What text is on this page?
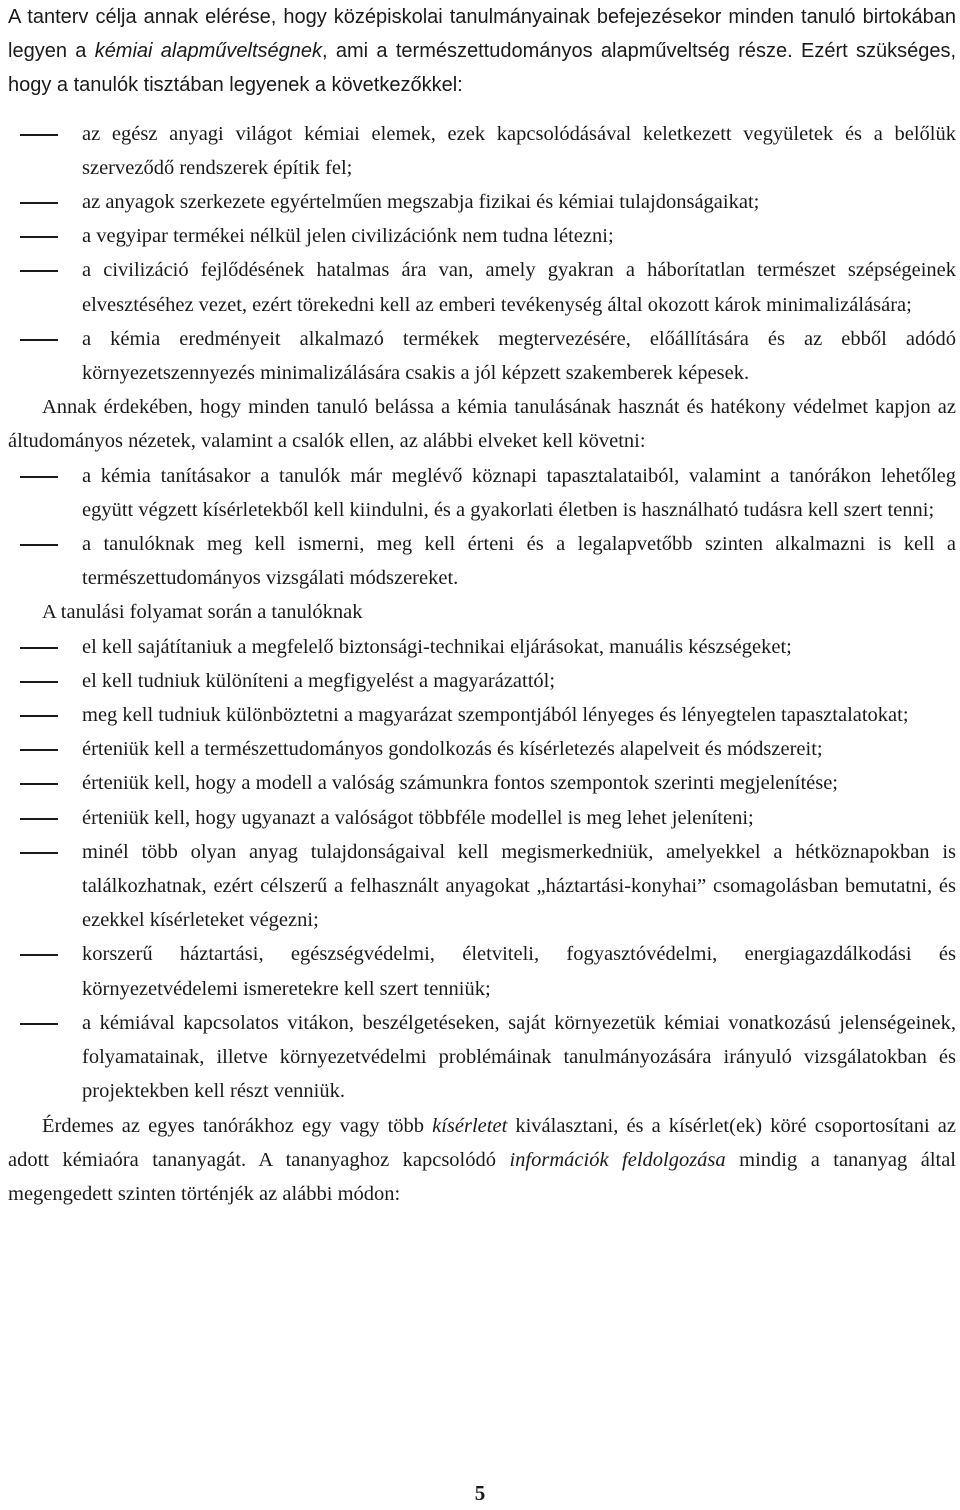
A tanterv célja annak elérése, hogy középiskolai tanulmányainak befejezésekor minden tanuló birtokában legyen a kémiai alapműveltségnek, ami a természettudományos alapműveltség része. Ezért szükséges, hogy a tanulók tisztában legyenek a következőkkel:

az egész anyagi világot kémiai elemek, ezek kapcsolódásával keletkezett vegyületek és a belőlük szerveződő rendszerek építik fel;
az anyagok szerkezete egyértelműen megszabja fizikai és kémiai tulajdonságaikat;
a vegyipar termékei nélkül jelen civilizációnk nem tudna létezni;
a civilizáció fejlődésének hatalmas ára van, amely gyakran a háborítatlan természet szépségeinek elvesztéséhez vezet, ezért törekedni kell az emberi tevékenység által okozott károk minimalizálására;
a kémia eredményeit alkalmazó termékek megtervezésére, előállítására és az ebből adódó környezetszennyezés minimalizálására csakis a jól képzett szakemberek képesek.

Annak érdekében, hogy minden tanuló belássa a kémia tanulásának hasznát és hatékony védelmet kapjon az áltudományos nézetek, valamint a csalók ellen, az alábbi elveket kell követni:

a kémia tanításakor a tanulók már meglévő köznapi tapasztalataiból, valamint a tanórákon lehetőleg együtt végzett kísérletekből kell kiindulni, és a gyakorlati életben is használható tudásra kell szert tenni;
a tanulóknak meg kell ismerni, meg kell érteni és a legalapvetőbb szinten alkalmazni is kell a természettudományos vizsgálati módszereket.

A tanulási folyamat során a tanulóknak

el kell sajátítaniuk a megfelelő biztonsági-technikai eljárásokat, manuális készségeket;
el kell tudniuk különíteni a megfigyelést a magyarázattól;
meg kell tudniuk különböztetni a magyarázat szempontjából lényeges és lényegtelen tapasztalatokat;
érteniük kell a természettudományos gondolkozás és kísérletezés alapelveit és módszereit;
érteniük kell, hogy a modell a valóság számunkra fontos szempontok szerinti megjelenítése;
érteniük kell, hogy ugyanazt a valóságot többféle modellel is meg lehet jeleníteni;
minél több olyan anyag tulajdonságaival kell megismerkedniük, amelyekkel a hétköznapokban is találkozhatnak, ezért célszerű a felhasznált anyagokat „háztartási-konyhai” csomagolásban bemutatni, és ezekkel kísérleteket végezni;
korszerű háztartási, egészségvédelmi, életviteli, fogyasztóvédelmi, energiagazdálkodási és környezetvédelemi ismeretekre kell szert tenniük;
a kémiával kapcsolatos vitákon, beszélgetéseken, saját környezetük kémiai vonatkozású jelenségeinek, folyamatainak, illetve környezetvédelmi problémáinak tanulmányozására irányuló vizsgálatokban és projektekben kell részt venniük.

Érdemes az egyes tanórákhoz egy vagy több kísérletet kiválasztani, és a kísérlet(ek) köré csoportosítani az adott kémiaóra tananyagát. A tananyaghoz kapcsolódó információk feldolgozása mindig a tananyag által megengedett szinten történjék az alábbi módon:

5
